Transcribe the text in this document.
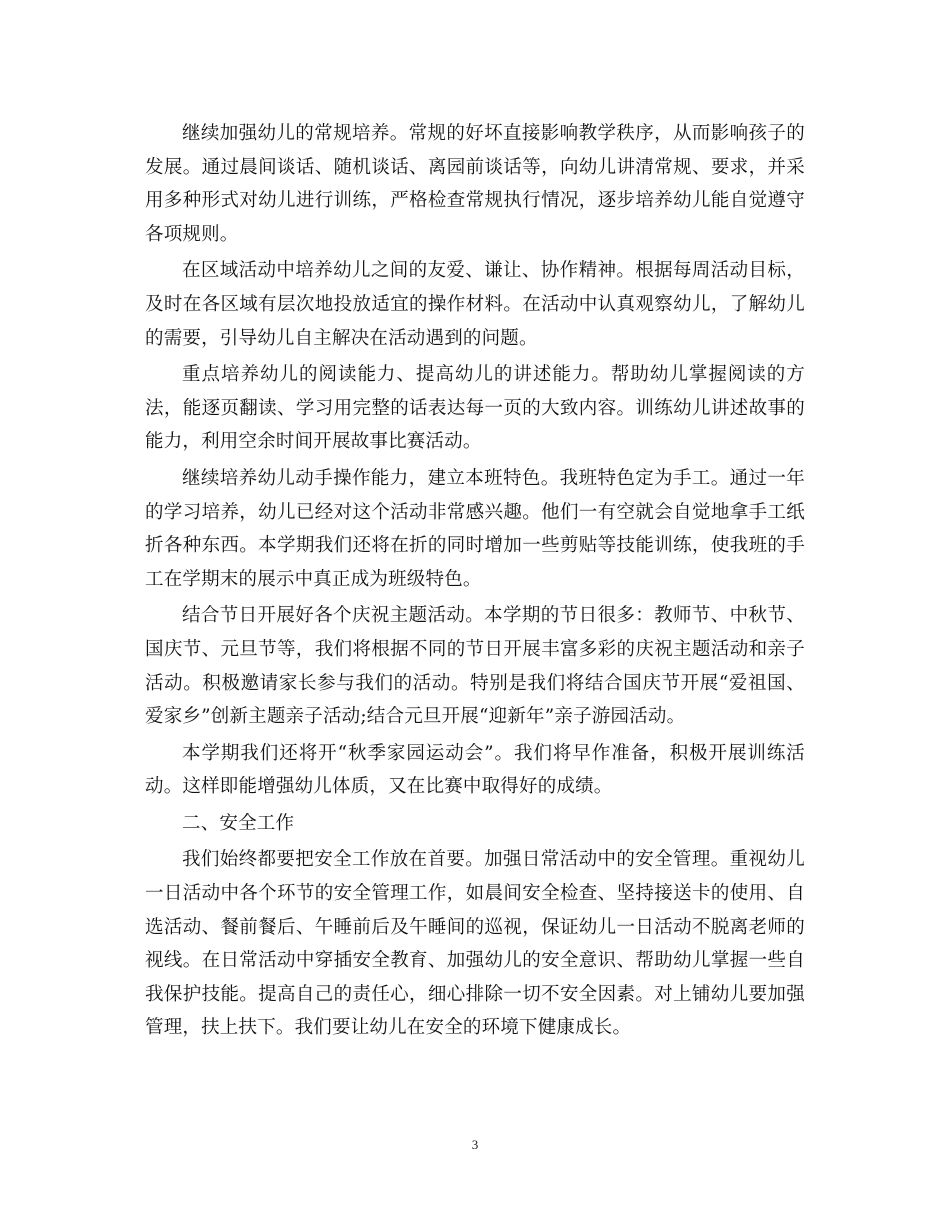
继续加强幼儿的常规培养。常规的好坏直接影响教学秩序，从而影响孩子的发展。通过晨间谈话、随机谈话、离园前谈话等，向幼儿讲清常规、要求，并采用多种形式对幼儿进行训练，严格检查常规执行情况，逐步培养幼儿能自觉遵守各项规则。

在区域活动中培养幼儿之间的友爱、谦让、协作精神。根据每周活动目标，及时在各区域有层次地投放适宜的操作材料。在活动中认真观察幼儿，了解幼儿的需要，引导幼儿自主解决在活动遇到的问题。

重点培养幼儿的阅读能力、提高幼儿的讲述能力。帮助幼儿掌握阅读的方法，能逐页翻读、学习用完整的话表达每一页的大致内容。训练幼儿讲述故事的能力，利用空余时间开展故事比赛活动。

继续培养幼儿动手操作能力，建立本班特色。我班特色定为手工。通过一年的学习培养，幼儿已经对这个活动非常感兴趣。他们一有空就会自觉地拿手工纸折各种东西。本学期我们还将在折的同时增加一些剪贴等技能训练，使我班的手工在学期末的展示中真正成为班级特色。

结合节日开展好各个庆祝主题活动。本学期的节日很多：教师节、中秋节、国庆节、元旦节等，我们将根据不同的节日开展丰富多彩的庆祝主题活动和亲子活动。积极邀请家长参与我们的活动。特别是我们将结合国庆节开展“爱祖国、爱家乡”创新主题亲子活动;结合元旦开展“迎新年”亲子游园活动。

本学期我们还将开“秋季家园运动会”。我们将早作准备，积极开展训练活动。这样即能增强幼儿体质，又在比赛中取得好的成绩。

二、安全工作

我们始终都要把安全工作放在首要。加强日常活动中的安全管理。重视幼儿一日活动中各个环节的安全管理工作，如晨间安全检查、坚持接送卡的使用、自选活动、餐前餐后、午睡前后及午睡间的巡视，保证幼儿一日活动不脱离老师的视线。在日常活动中穿插安全教育、加强幼儿的安全意识、帮助幼儿掌握一些自我保护技能。提高自己的责任心，细心排除一切不安全因素。对上铺幼儿要加强管理，扶上扶下。我们要让幼儿在安全的环境下健康成长。

3
